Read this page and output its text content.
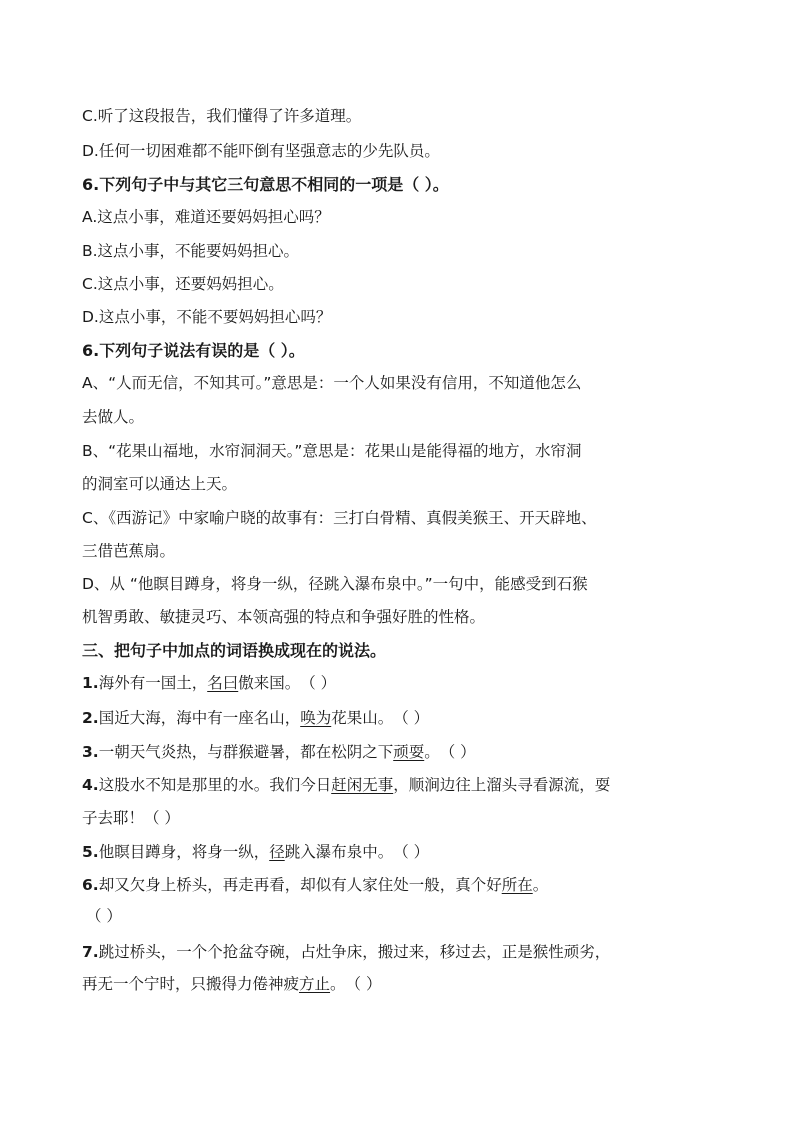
C.听了这段报告，我们懂得了许多道理。
D.任何一切困难都不能吓倒有坚强意志的少先队员。
6.下列句子中与其它三句意思不相同的一项是（ ）。
A.这点小事，难道还要妈妈担心吗？
B.这点小事，不能要妈妈担心。
C.这点小事，还要妈妈担心。
D.这点小事，不能不要妈妈担心吗？
6.下列句子说法有误的是（ ）。
A、“人而无信，不知其可。”意思是：一个人如果没有信用，不知道他怎么
去做人。
B、“花果山福地，水帘洞洞天。”意思是：花果山是能得福的地方，水帘洞
的洞室可以通达上天。
C、《西游记》中家喻户晓的故事有：三打白骨精、真假美猴王、开天辟地、
三借芭蕉扇。
D、从 “他瞑目蹲身，将身一纵，径跳入瀑布泉中。”一句中，能感受到石猴
机智勇敢、敏捷灵巧、本领高强的特点和争强好胜的性格。
三、把句子中加点的词语换成现在的说法。
1.海外有一国土，名曰傲来国。（ ）
2.国近大海，海中有一座名山，唤为花果山。（ ）
3.一朝天气炎热，与群猴避暑，都在松阴之下顽耍。（ ）
4.这股水不知是那里的水。我们今日赶闲无事，顺涧边往上溜头寻看源流，耍
子去耶！（ ）
5.他瞑目蹲身，将身一纵，径跳入瀑布泉中。（ ）
6.却又欠身上桥头，再走再看，却似有人家住处一般，真个好所在。
（ ）
7.跳过桥头，一个个抢盆夺碗，占灶争床，搬过来，移过去，正是猴性顽劣，
再无一个宁时，只搬得力倦神疲方止。（ ）
